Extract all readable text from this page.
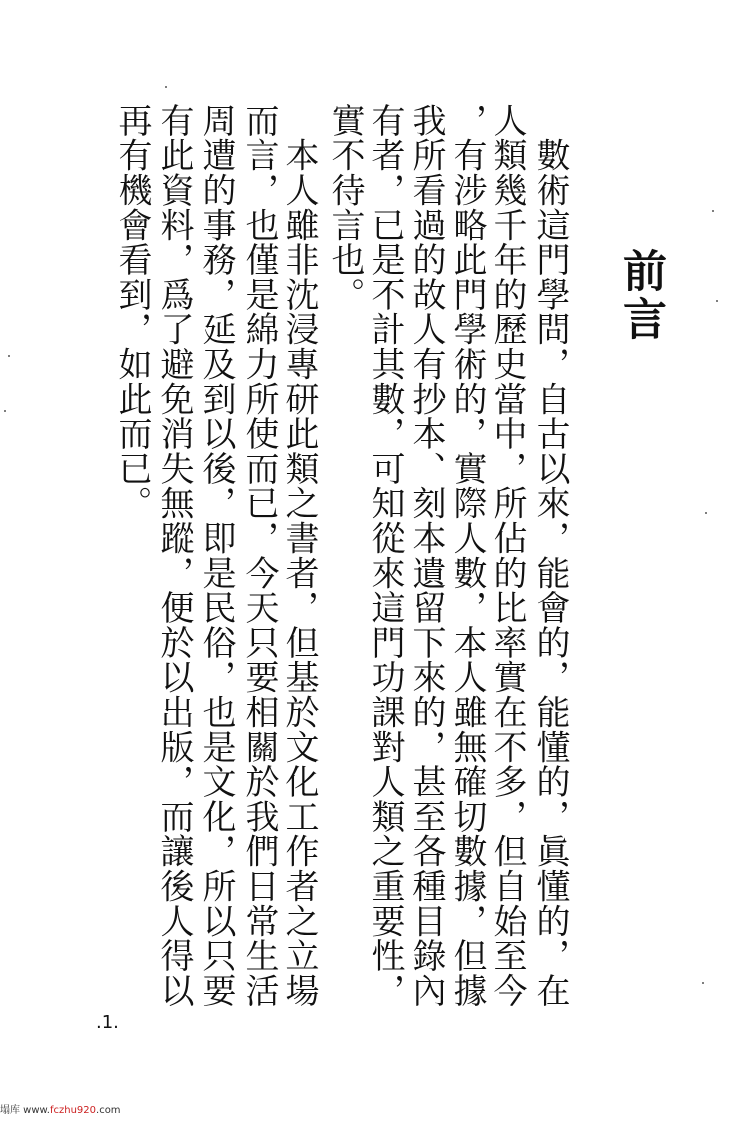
前言
　數術這門學問，自古以來，能會的，能懂的，眞懂的，在
人類幾千年的歷史當中，所佔的比率實在不多，但自始至今
，有涉略此門學術的，實際人數，本人雖無確切數據，但據
我所看過的故人有抄本、刻本遺留下來的，甚至各種目錄內
有者，已是不計其數，可知從來這門功課對人類之重要性，
實不待言也。
　本人雖非沈浸專研此類之書者，但基於文化工作者之立場
而言，也僅是綿力所使而已，今天只要相關於我們日常生活
周遭的事務，延及到以後，即是民俗，也是文化，所以只要
有此資料，爲了避免消失無蹤，便於以出版，而讓後人得以
再有機會看到，如此而已。
.1.
塌库 www.fczhu920.com
